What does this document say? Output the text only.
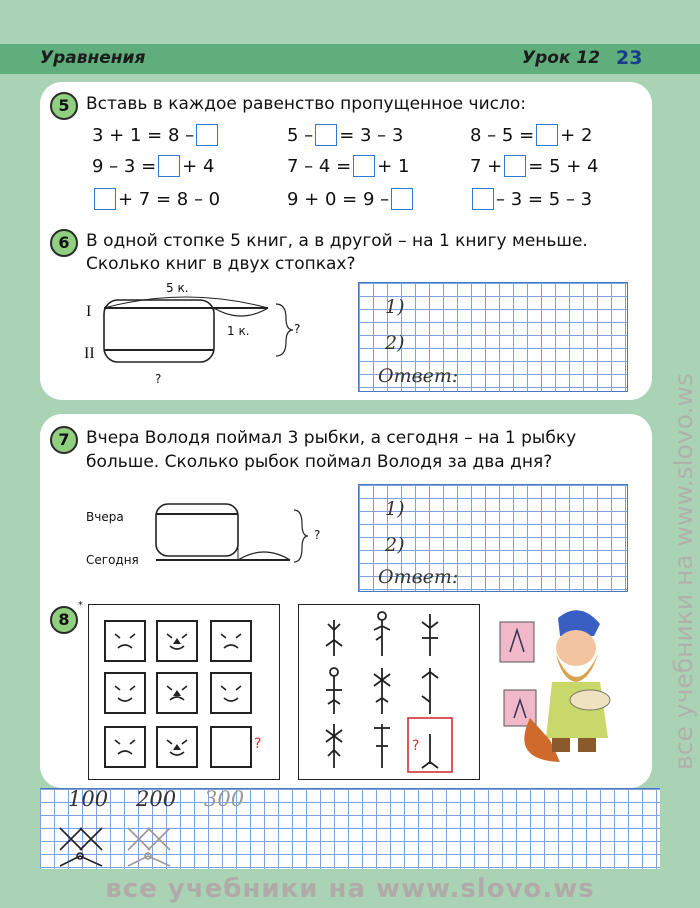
Уравнения	Урок 12 23
5 Вставь в каждое равенство пропущенное число:
3 + 1 = 8 –	5 – = 3 – 3	8 – 5 = + 2
9 – 3 = + 4	7 – 4 = + 1	7 + = 5 + 4
+ 7 = 8 – 0	9 + 0 = 9 –	– 3 = 5 – 3
6 В одной стопке 5 книг, а в другой – на 1 книгу меньше.
Сколько книг в двух стопках?
I
II
5 к.
1 к.	?
?
1)
2)
Ответ:
7 Вчера Володя поймал 3 рыбки, а сегодня – на 1 рыбку
больше. Сколько рыбок поймал Володя за два дня?
Вчера
Сегодня
?
1)
2)
Ответ:
8
*
?	?
100 200 300
все учебники на www.slovo.ws
все учебники на www.slovo.ws
